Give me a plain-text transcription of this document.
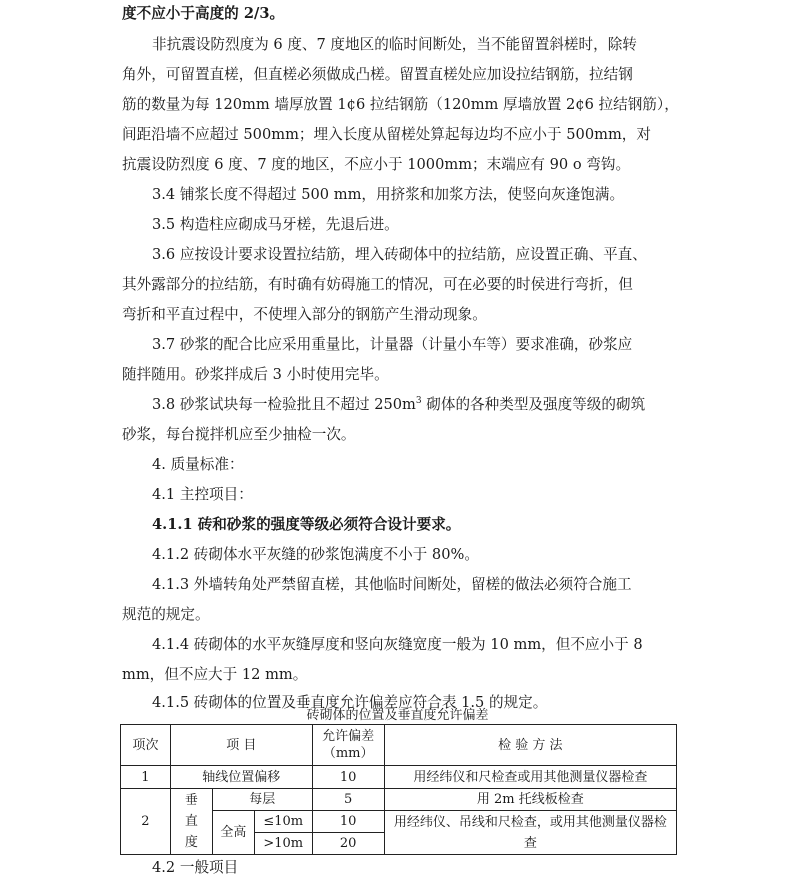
度不应小于高度的 2/3。
非抗震设防烈度为 6 度、7 度地区的临时间断处，当不能留置斜槎时，除转
角外，可留置直槎，但直槎必须做成凸槎。留置直槎处应加设拉结钢筋，拉结钢
筋的数量为每 120mm 墙厚放置 1¢6 拉结钢筋（120mm 厚墙放置 2¢6 拉结钢筋），
间距沿墙不应超过 500mm；埋入长度从留槎处算起每边均不应小于 500mm，对
抗震设防烈度 6 度、7 度的地区，不应小于 1000mm；末端应有 90 o 弯钩。
3.4 铺浆长度不得超过 500 mm，用挤浆和加浆方法，使竖向灰逢饱满。
3.5 构造柱应砌成马牙槎，先退后进。
3.6 应按设计要求设置拉结筋，埋入砖砌体中的拉结筋，应设置正确、平直、
其外露部分的拉结筋，有时确有妨碍施工的情况，可在必要的时侯进行弯折，但
弯折和平直过程中，不使埋入部分的钢筋产生滑动现象。
3.7 砂浆的配合比应采用重量比，计量器（计量小车等）要求准确，砂浆应
随拌随用。砂浆拌成后 3 小时使用完毕。
3.8 砂浆试块每一检验批且不超过 $250m^3$ 砌体的各种类型及强度等级的砌筑
砂浆，每台搅拌机应至少抽检一次。
4. 质量标准：
4.1 主控项目：
4.1.1 砖和砂浆的强度等级必须符合设计要求。
4.1.2 砖砌体水平灰缝的砂浆饱满度不小于 80%。
4.1.3 外墙转角处严禁留直槎，其他临时间断处，留槎的做法必须符合施工
规范的规定。
4.1.4 砖砌体的水平灰缝厚度和竖向灰缝宽度一般为 10 mm，但不应小于 8
mm，但不应大于 12 mm。
4.1.5 砖砌体的位置及垂直度允许偏差应符合表 1.5 的规定。
砖砌体的位置及垂直度允许偏差
项次	项 目			允许偏差（mm）	检 验 方 法
1	轴线位置偏移			10	用经纬仪和尺检查或用其他测量仪器检查
2	垂直度	每层		5	用 2m 托线板检查
		全高	≤10m	10	用经纬仪、吊线和尺检查，或用其他测量仪器检查
			>10m	20	
4.2 一般项目
